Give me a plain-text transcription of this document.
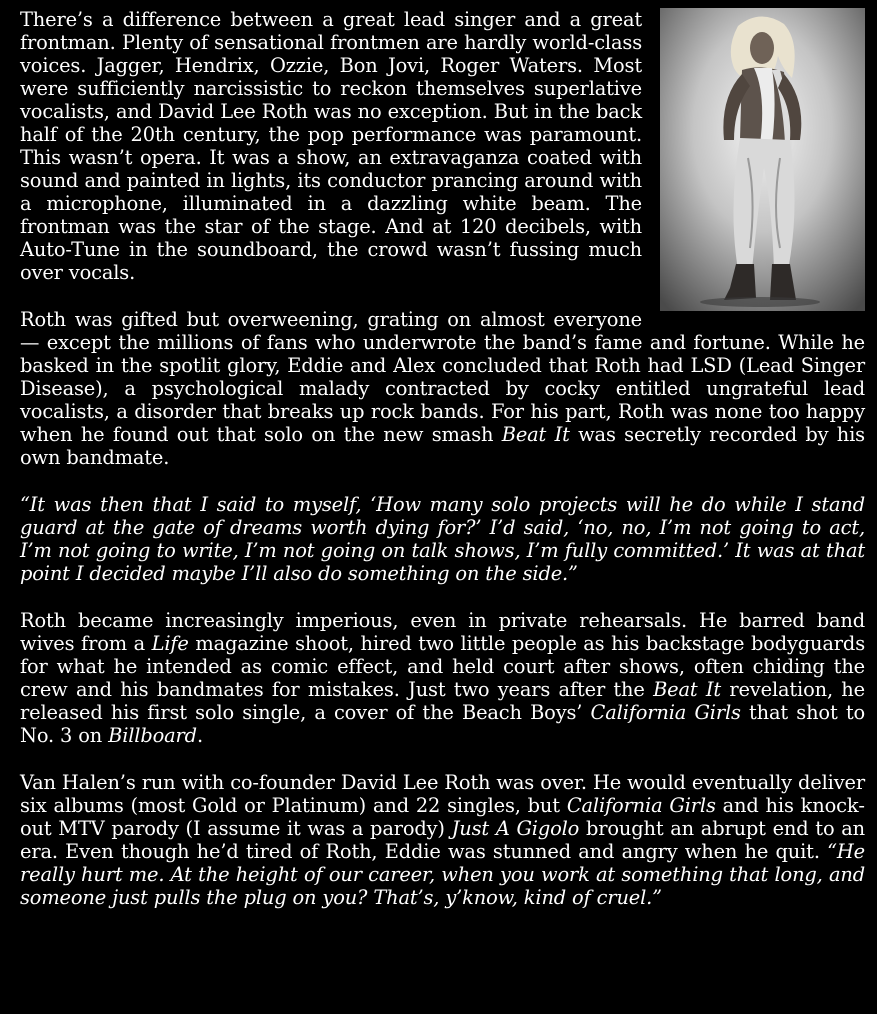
There’s a difference between a great lead singer and a great frontman. Plenty of sensational frontmen are hardly world-class voices. Jagger, Hendrix, Ozzie, Bon Jovi, Roger Waters. Most were sufficiently narcissistic to reckon themselves superlative vocalists, and David Lee Roth was no exception. But in the back half of the 20th century, the pop performance was paramount. This wasn’t opera. It was a show, an extravaganza coated with sound and painted in lights, its conductor prancing around with a microphone, illuminated in a dazzling white beam. The frontman was the star of the stage. And at 120 decibels, with Auto-Tune in the soundboard, the crowd wasn’t fussing much over vocals.

Roth was gifted but overweening, grating on almost everyone — except the millions of fans who underwrote the band’s fame and fortune. While he basked in the spotlit glory, Eddie and Alex concluded that Roth had LSD (Lead Singer Disease), a psychological malady contracted by cocky entitled ungrateful lead vocalists, a disorder that breaks up rock bands. For his part, Roth was none too happy when he found out that solo on the new smash Beat It was secretly recorded by his own bandmate.

“It was then that I said to myself, ‘How many solo projects will he do while I stand guard at the gate of dreams worth dying for?’ I’d said, ‘no, no, I’m not going to act, I’m not going to write, I’m not going on talk shows, I’m fully committed.’ It was at that point I decided maybe I’ll also do something on the side.”

Roth became increasingly imperious, even in private rehearsals. He barred band wives from a Life magazine shoot, hired two little people as his backstage bodyguards for what he intended as comic effect, and held court after shows, often chiding the crew and his bandmates for mistakes. Just two years after the Beat It revelation, he released his first solo single, a cover of the Beach Boys’ California Girls that shot to No. 3 on Billboard.

Van Halen’s run with co-founder David Lee Roth was over. He would eventually deliver six albums (most Gold or Platinum) and 22 singles, but California Girls and his knockout MTV parody (I assume it was a parody) Just A Gigolo brought an abrupt end to an era. Even though he’d tired of Roth, Eddie was stunned and angry when he quit. “He really hurt me. At the height of our career, when you work at something that long, and someone just pulls the plug on you? That’s, y’know, kind of cruel.”
